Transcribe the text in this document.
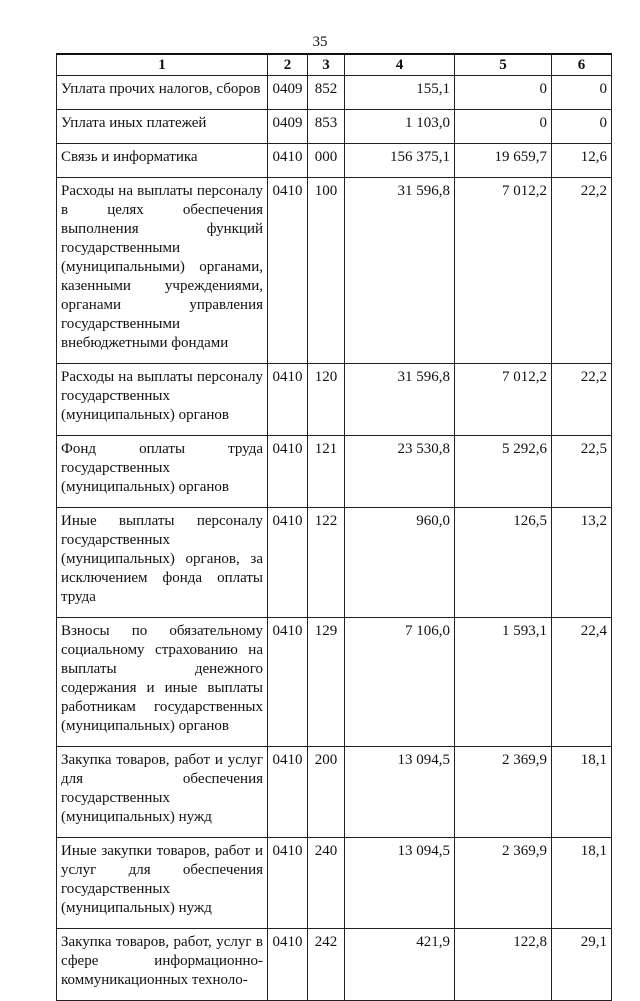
35
1	2	3	4	5	6
Уплата прочих налогов, сборов	0409	852	155,1	0	0
Уплата иных платежей	0409	853	1 103,0	0	0
Связь и информатика	0410	000	156 375,1	19 659,7	12,6
Расходы на выплаты персоналу в целях обеспечения выполнения функций государственными (муниципальными) органами, казенными учреждениями, органами управления государственными внебюджетными фондами	0410	100	31 596,8	7 012,2	22,2
Расходы на выплаты персоналу государственных (муниципальных) органов	0410	120	31 596,8	7 012,2	22,2
Фонд оплаты труда государственных (муниципальных) органов	0410	121	23 530,8	5 292,6	22,5
Иные выплаты персоналу государственных (муниципальных) органов, за исключением фонда оплаты труда	0410	122	960,0	126,5	13,2
Взносы по обязательному социальному страхованию на выплаты денежного содержания и иные выплаты работникам государственных (муниципальных) органов	0410	129	7 106,0	1 593,1	22,4
Закупка товаров, работ и услуг для обеспечения государственных (муниципальных) нужд	0410	200	13 094,5	2 369,9	18,1
Иные закупки товаров, работ и услуг для обеспечения государственных (муниципальных) нужд	0410	240	13 094,5	2 369,9	18,1
Закупка товаров, работ, услуг в сфере информационно-коммуникационных техноло-	0410	242	421,9	122,8	29,1
